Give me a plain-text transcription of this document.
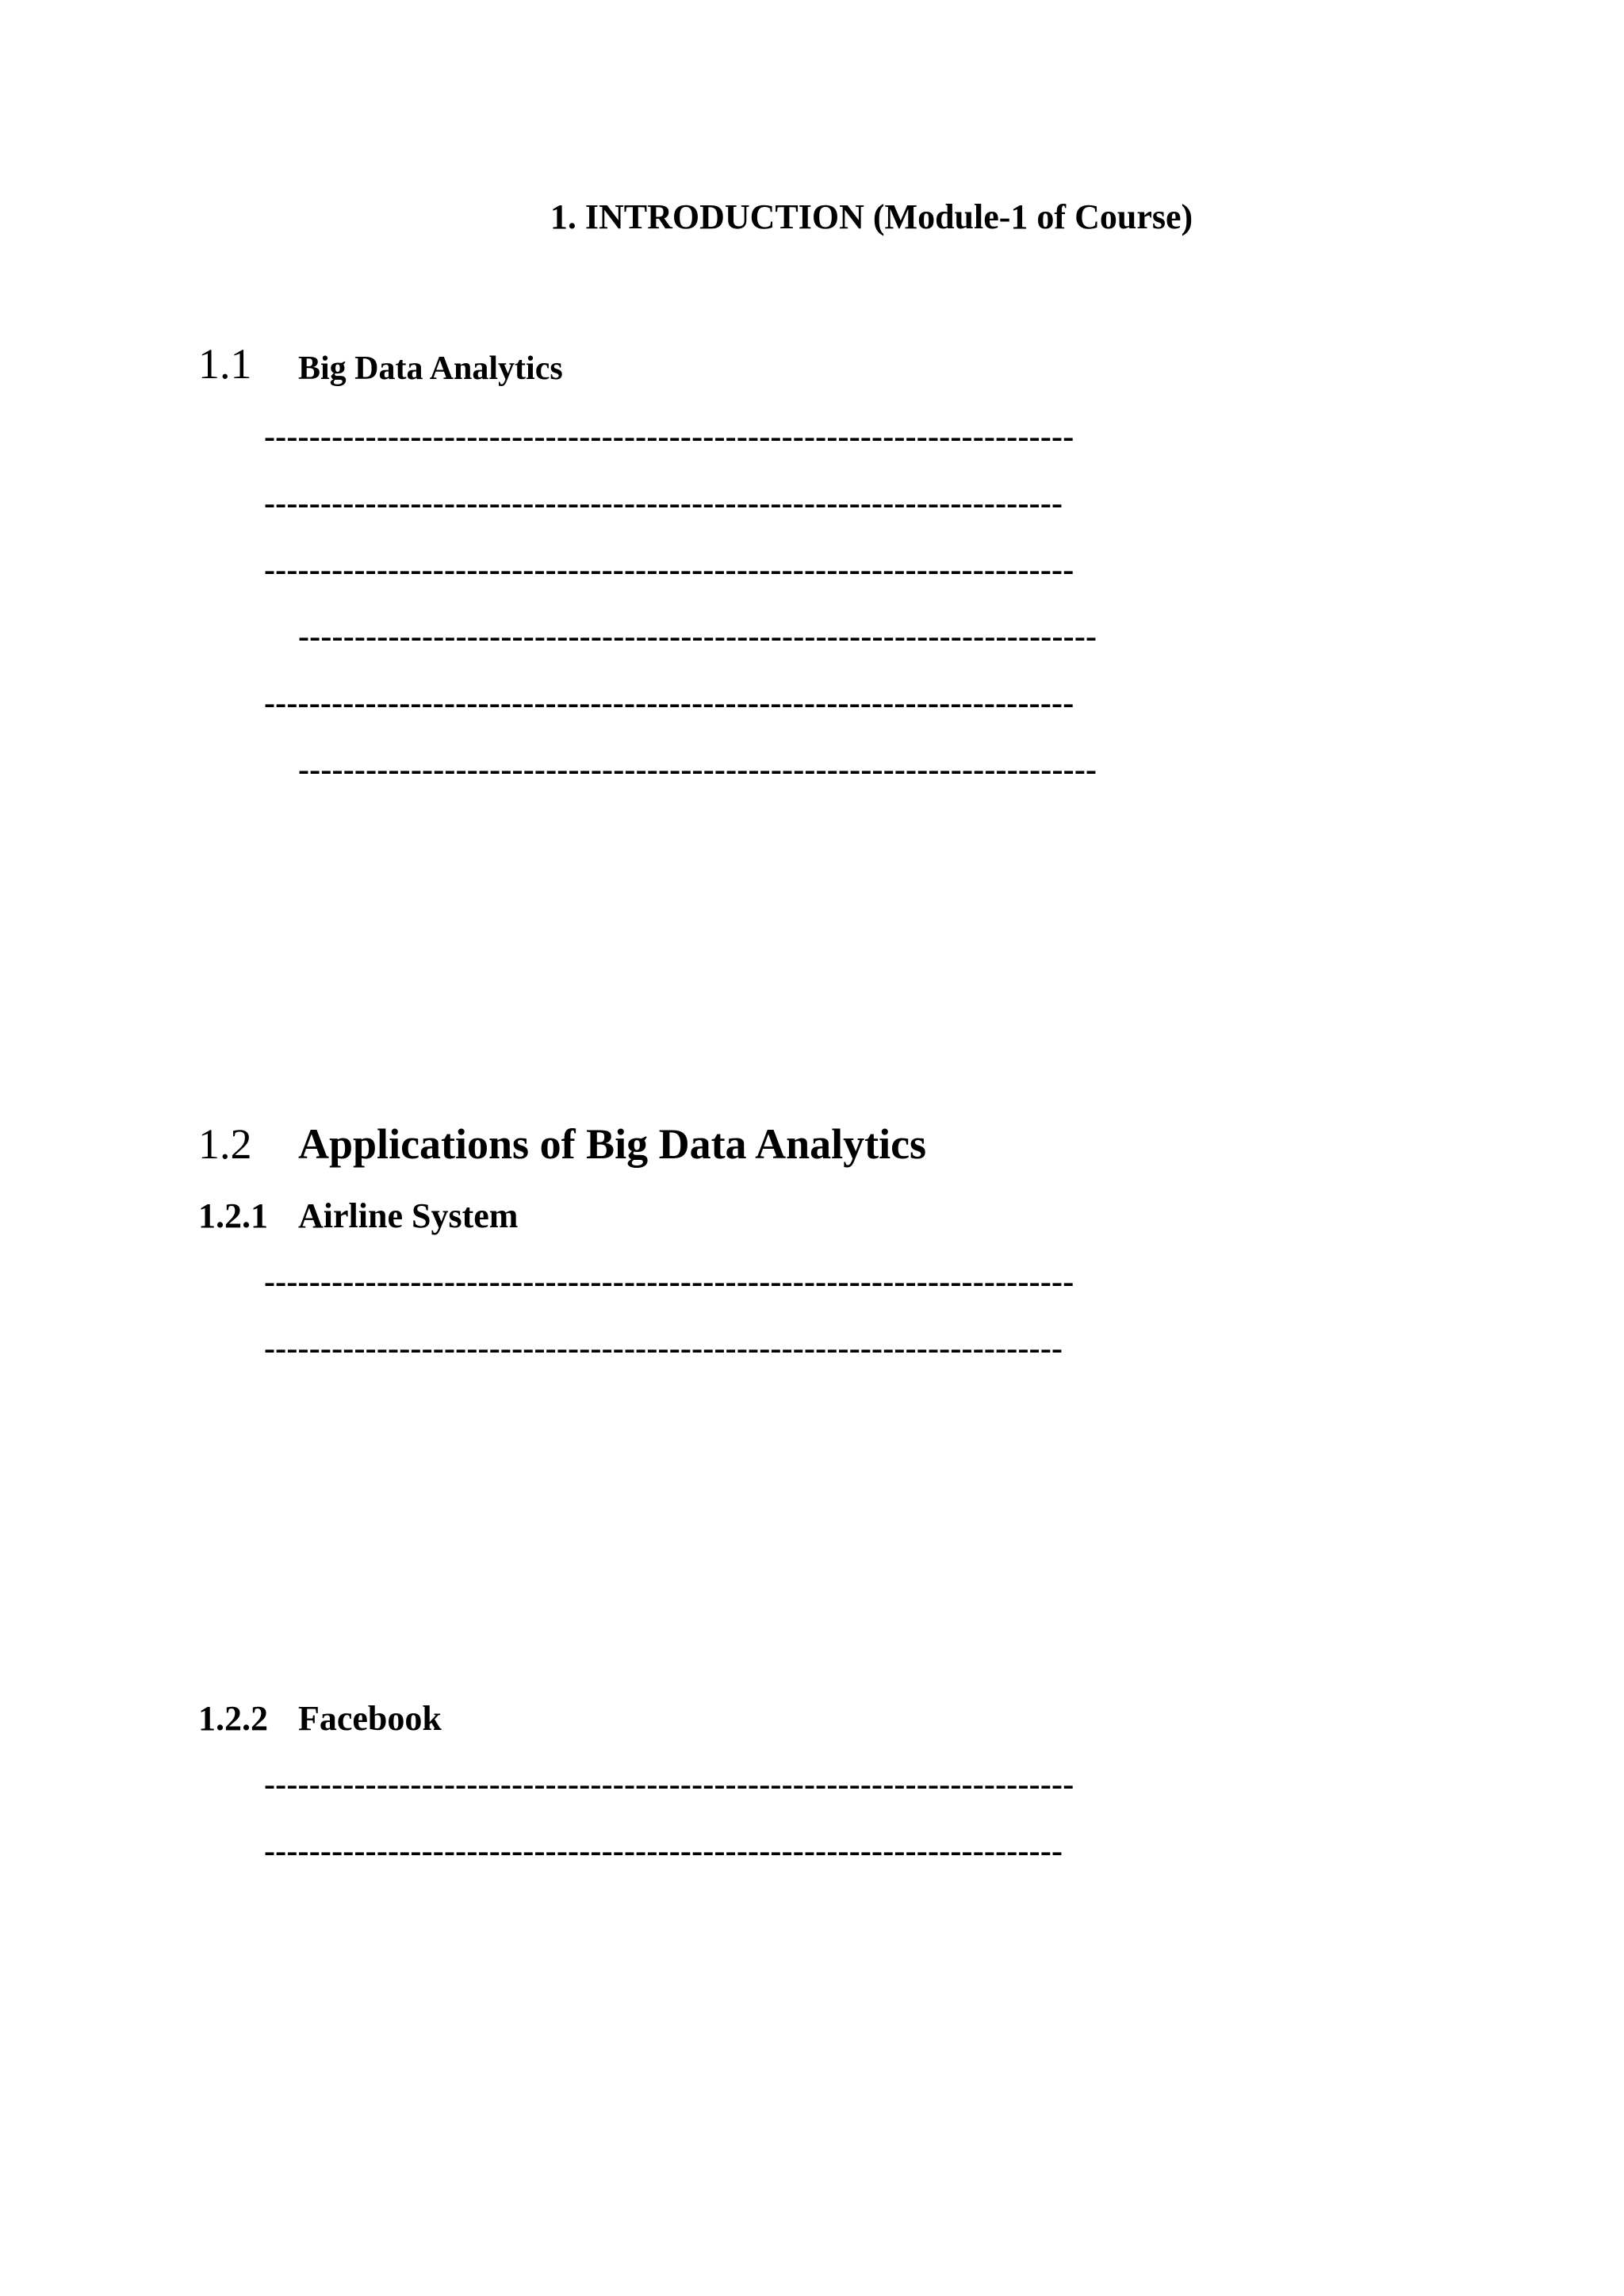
1. INTRODUCTION (Module-1 of Course)
1.1 Big Data Analytics
------------------------------------------------------------------------
-----------------------------------------------------------------------
------------------------------------------------------------------------
-----------------------------------------------------------------------
------------------------------------------------------------------------
-----------------------------------------------------------------------
1.2 Applications of Big Data Analytics
1.2.1 Airline System
------------------------------------------------------------------------
-----------------------------------------------------------------------
1.2.2 Facebook
------------------------------------------------------------------------
-----------------------------------------------------------------------
